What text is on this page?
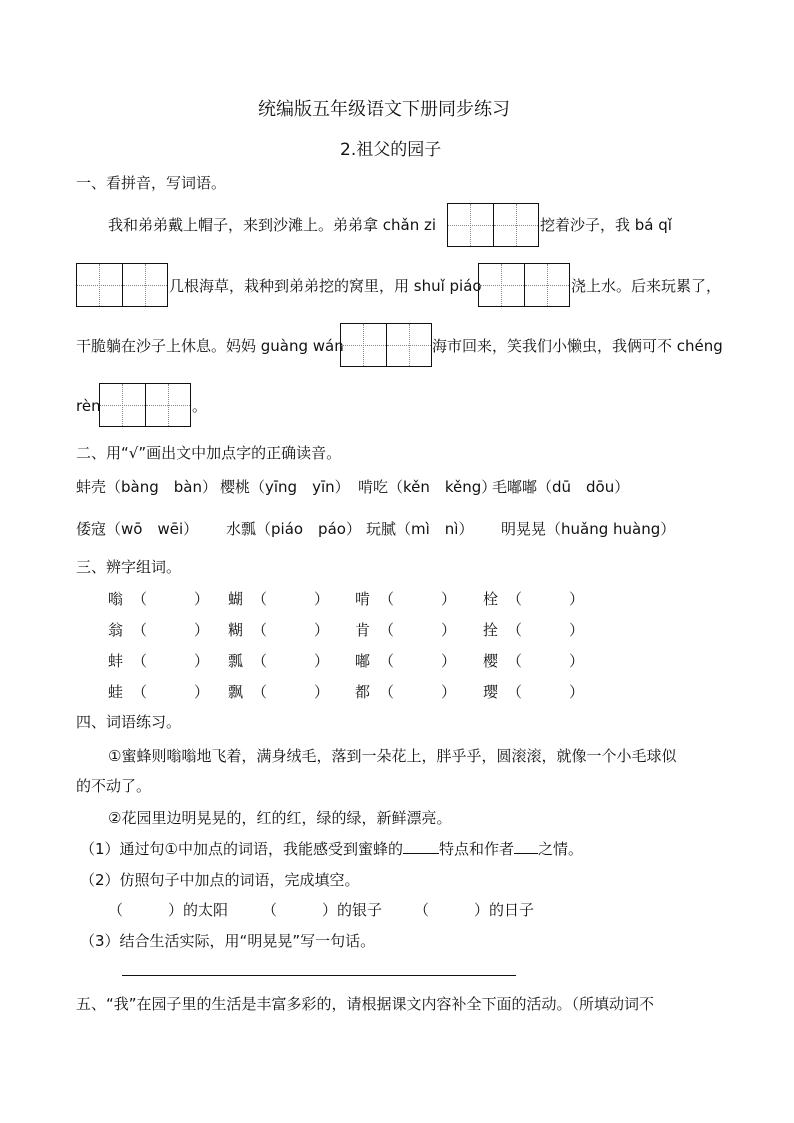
统编版五年级语文下册同步练习
2.祖父的园子
一、看拼音，写词语。
我和弟弟戴上帽子，来到沙滩上。弟弟拿 chǎn zi	挖着沙子，我 bá qǐ
几根海草，栽种到弟弟挖的窝里，用 shuǐ piáo	浇上水。后来玩累了，
干脆躺在沙子上休息。妈妈 guàng wán	海市回来，笑我们小懒虫，我俩可不 chéng
rèn	。
二、用“√”画出文中加点字的正确读音。
蚌壳（bàng　bàn） 樱桃（yīng　yīn） 啃吃（kěn　kěng）
毛嘟嘟（dū　dōu）
倭寇（wō　wēi） 水瓢（piáo　páo） 玩腻（mì　nì） 明晃晃（huǎng huàng）
三、辨字组词。
嗡 （	） 蝴 （	） 啃 （	） 栓 （	）
翁 （	） 糊 （	） 肯 （	） 拴 （	）
蚌 （	） 瓢 （	） 嘟 （	） 樱 （	）
蛙 （	） 飘 （	） 都 （	） 璎 （	）
四、词语练习。
①蜜蜂则嗡嗡地飞着，满身绒毛，落到一朵花上，胖乎乎，圆滚滚，就像一个小毛球似
的不动了。
②花园里边明晃晃的，红的红，绿的绿，新鲜漂亮。
（1）通过句①中加点的词语，我能感受到蜜蜂的 特点和作者 之情。
（2）仿照句子中加点的词语，完成填空。
（　　　）的太阳 （　　　）的银子 （　　　）的日子
（3）结合生活实际，用“明晃晃”写一句话。
五、“我”在园子里的生活是丰富多彩的，请根据课文内容补全下面的活动。（所填动词不
